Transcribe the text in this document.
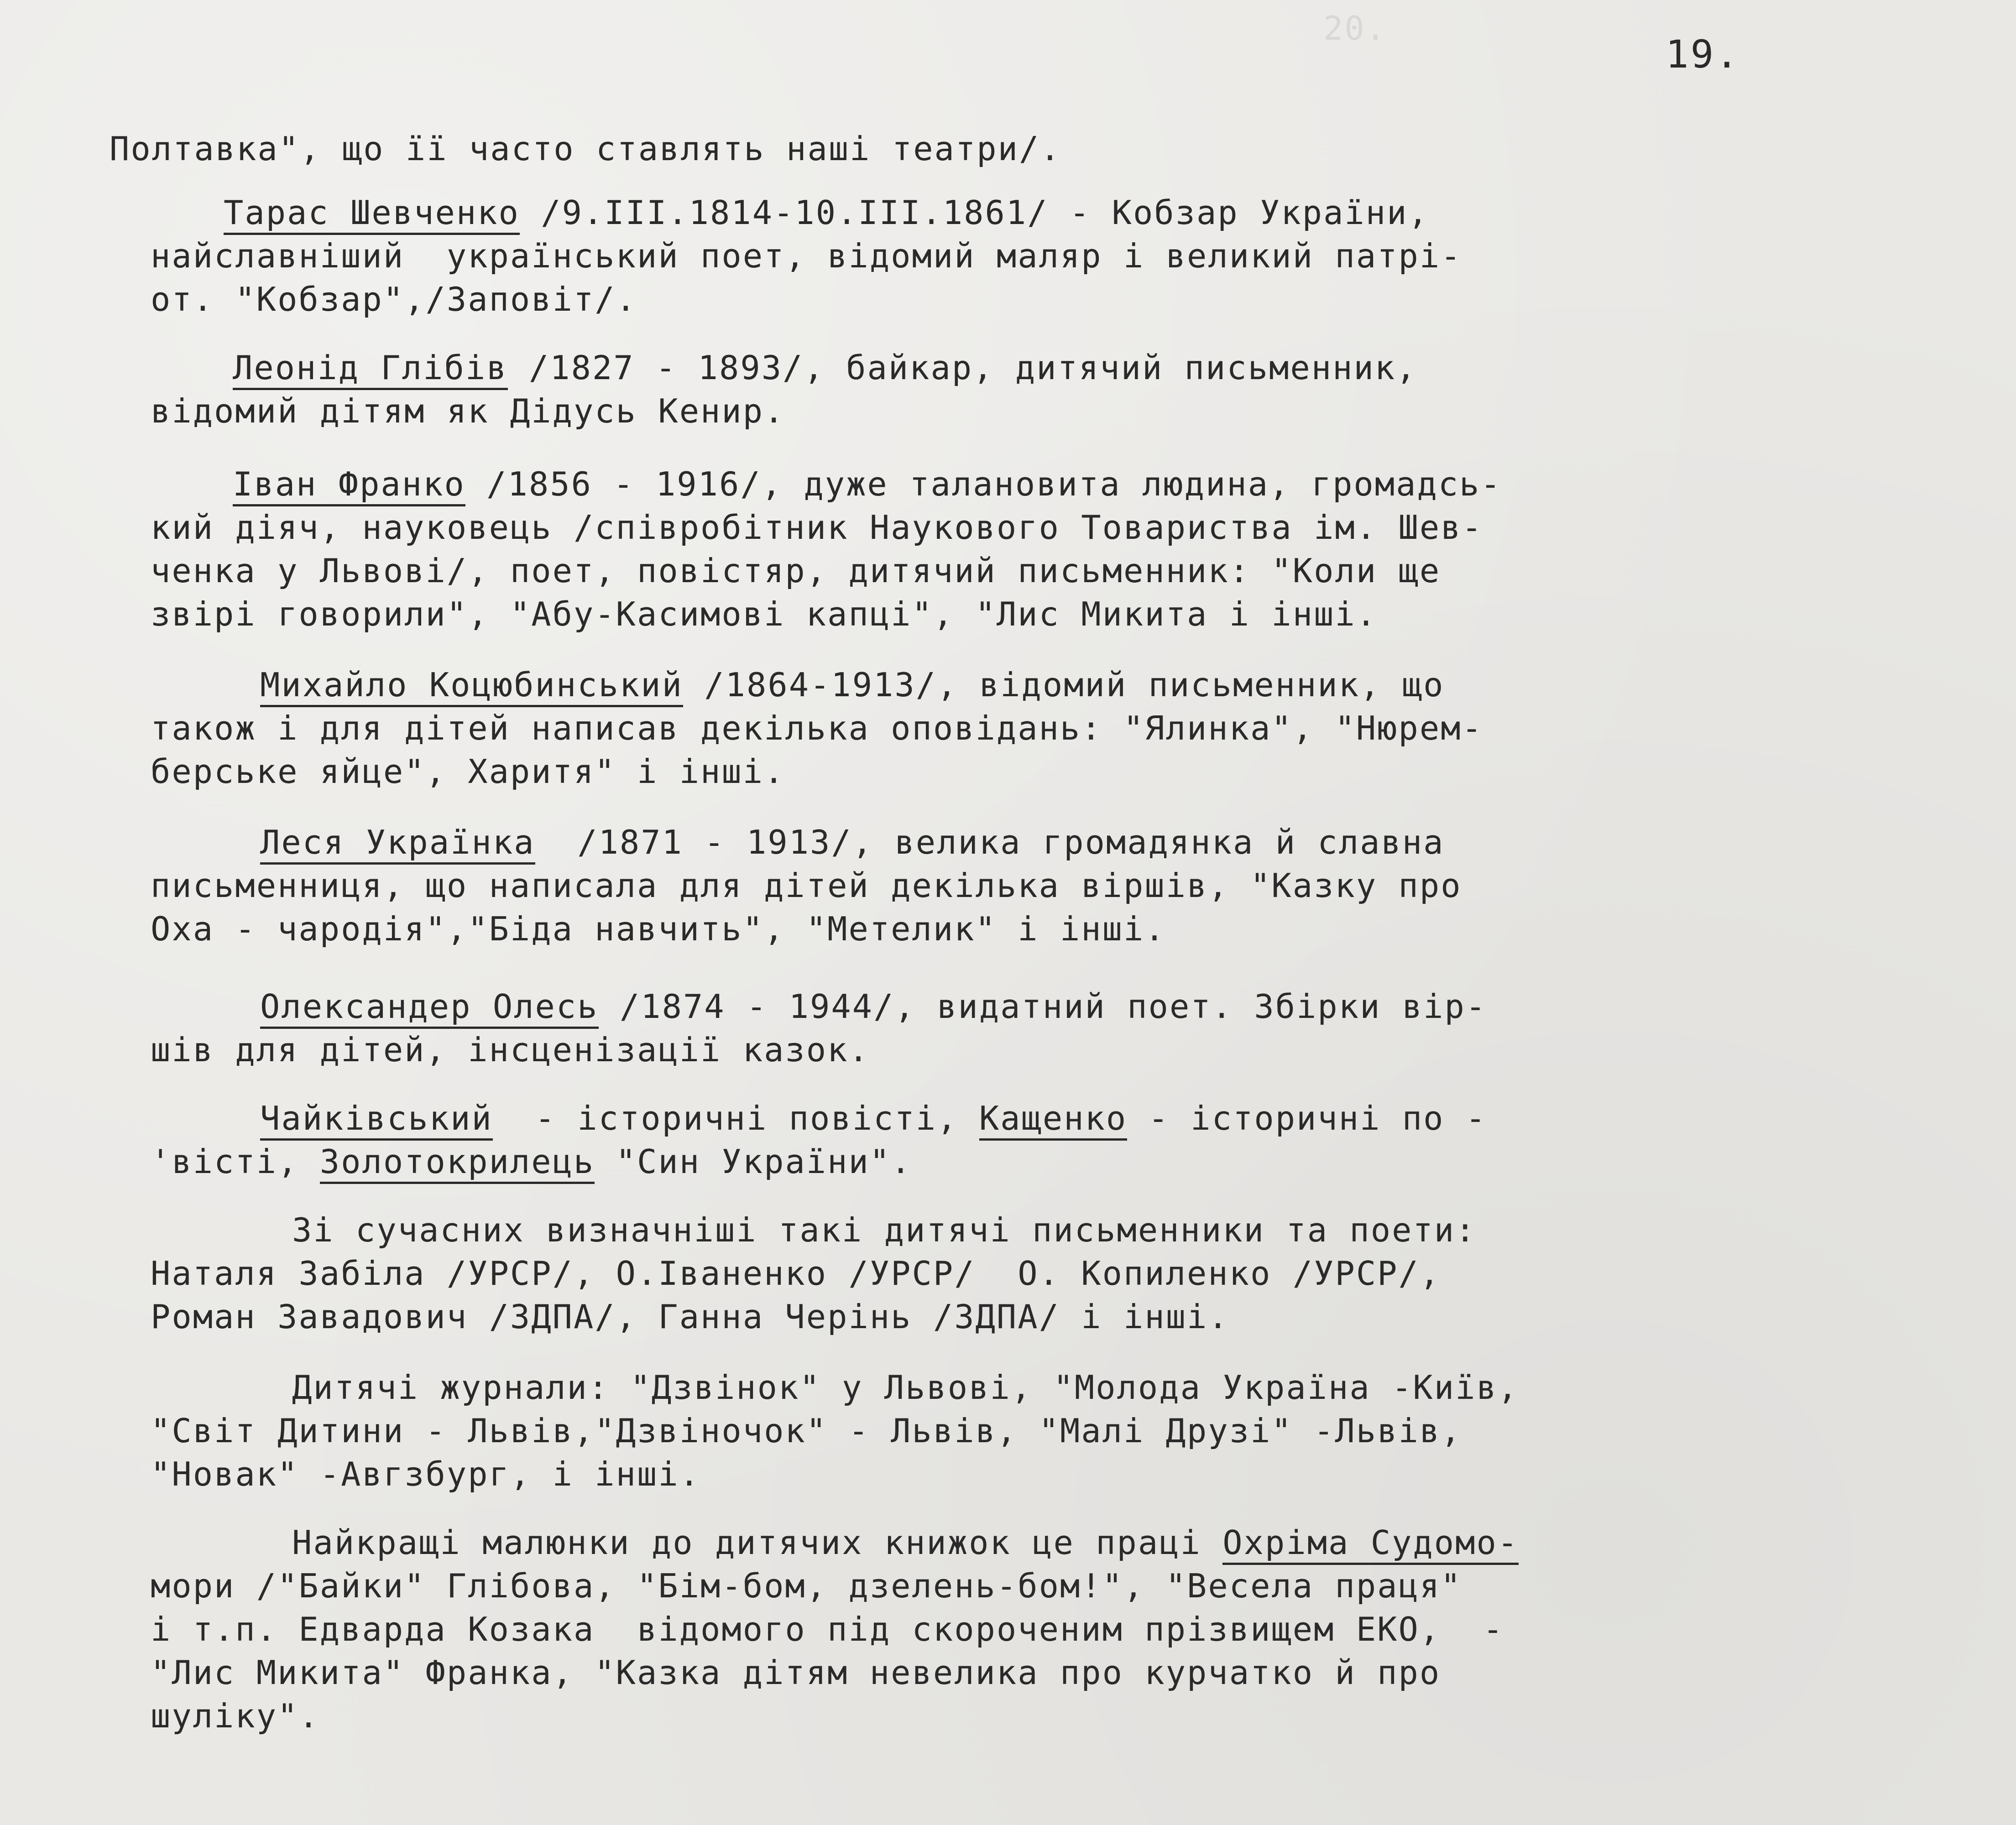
20.
19.
Полтавка", що її часто ставлять наші театри/.
Тарас Шевченко /9.III.1814-10.III.1861/ - Кобзар України,
найславніший  український поет, відомий маляр і великий патрі-
от. "Кобзар",/Заповіт/.
Леонід Глібів /1827 - 1893/, байкар, дитячий письменник,
відомий дітям як Дідусь Кенир.
Іван Франко /1856 - 1916/, дуже талановита людина, громадсь-
кий діяч, науковець /співробітник Наукового Товариства ім. Шев-
ченка у Львові/, поет, повістяр, дитячий письменник: "Коли ще
звірі говорили", "Абу-Касимові капці", "Лис Микита і інші.
Михайло Коцюбинський /1864-1913/, відомий письменник, що
також і для дітей написав декілька оповідань: "Ялинка", "Нюрем-
берське яйце", Харитя" і інші.
Леся Українка  /1871 - 1913/, велика громадянка й славна
письменниця, що написала для дітей декілька віршів, "Казку про
Оха - чародія","Біда навчить", "Метелик" і інші.
Олександер Олесь /1874 - 1944/, видатний поет. Збірки вір-
шів для дітей, інсценізації казок.
Чайківський  - історичні повісті, Кащенко - історичні по -
'вісті, Золотокрилець "Син України".
Зі сучасних визначніші такі дитячі письменники та поети:
Наталя Забіла /УРСР/, О.Іваненко /УРСР/  О. Копиленко /УРСР/,
Роман Завадович /ЗДПА/, Ганна Черінь /ЗДПА/ і інші.
Дитячі журнали: "Дзвінок" у Львові, "Молода Україна -Київ,
"Світ Дитини - Львів,"Дзвіночок" - Львів, "Малі Друзі" -Львів,
"Новак" -Авгзбург, і інші.
Найкращі малюнки до дитячих книжок це праці Охріма Судомо-
мори /"Байки" Глібова, "Бім-бом, дзелень-бом!", "Весела праця"
і т.п. Едварда Козака  відомого під скороченим прізвищем ЕКО,  -
"Лис Микита" Франка, "Казка дітям невелика про курчатко й про
шуліку".
